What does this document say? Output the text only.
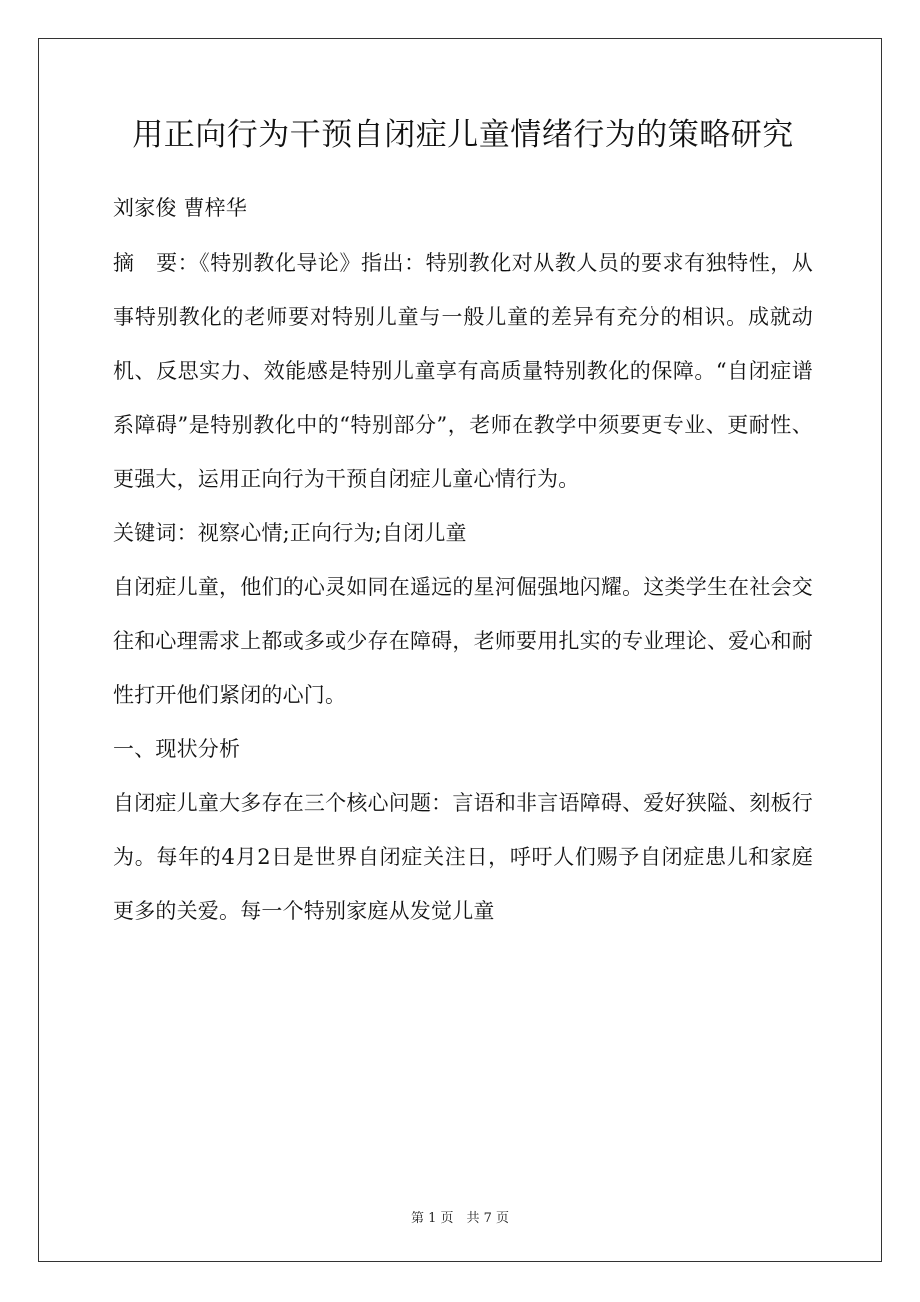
用正向行为干预自闭症儿童情绪行为的策略研究

刘家俊 曹梓华

摘　要：《特别教化导论》指出：特别教化对从教人员的要求有独特性，从事特别教化的老师要对特别儿童与一般儿童的差异有充分的相识。成就动机、反思实力、效能感是特别儿童享有高质量特别教化的保障。“自闭症谱系障碍”是特别教化中的“特别部分”，老师在教学中须要更专业、更耐性、更强大，运用正向行为干预自闭症儿童心情行为。

关键词：视察心情;正向行为;自闭儿童

自闭症儿童，他们的心灵如同在遥远的星河倔强地闪耀。这类学生在社会交往和心理需求上都或多或少存在障碍，老师要用扎实的专业理论、爱心和耐性打开他们紧闭的心门。

一、现状分析

自闭症儿童大多存在三个核心问题：言语和非言语障碍、爱好狭隘、刻板行为。每年的4月2日是世界自闭症关注日，呼吁人们赐予自闭症患儿和家庭更多的关爱。每一个特别家庭从发觉儿童

第 1 页　共 7 页
